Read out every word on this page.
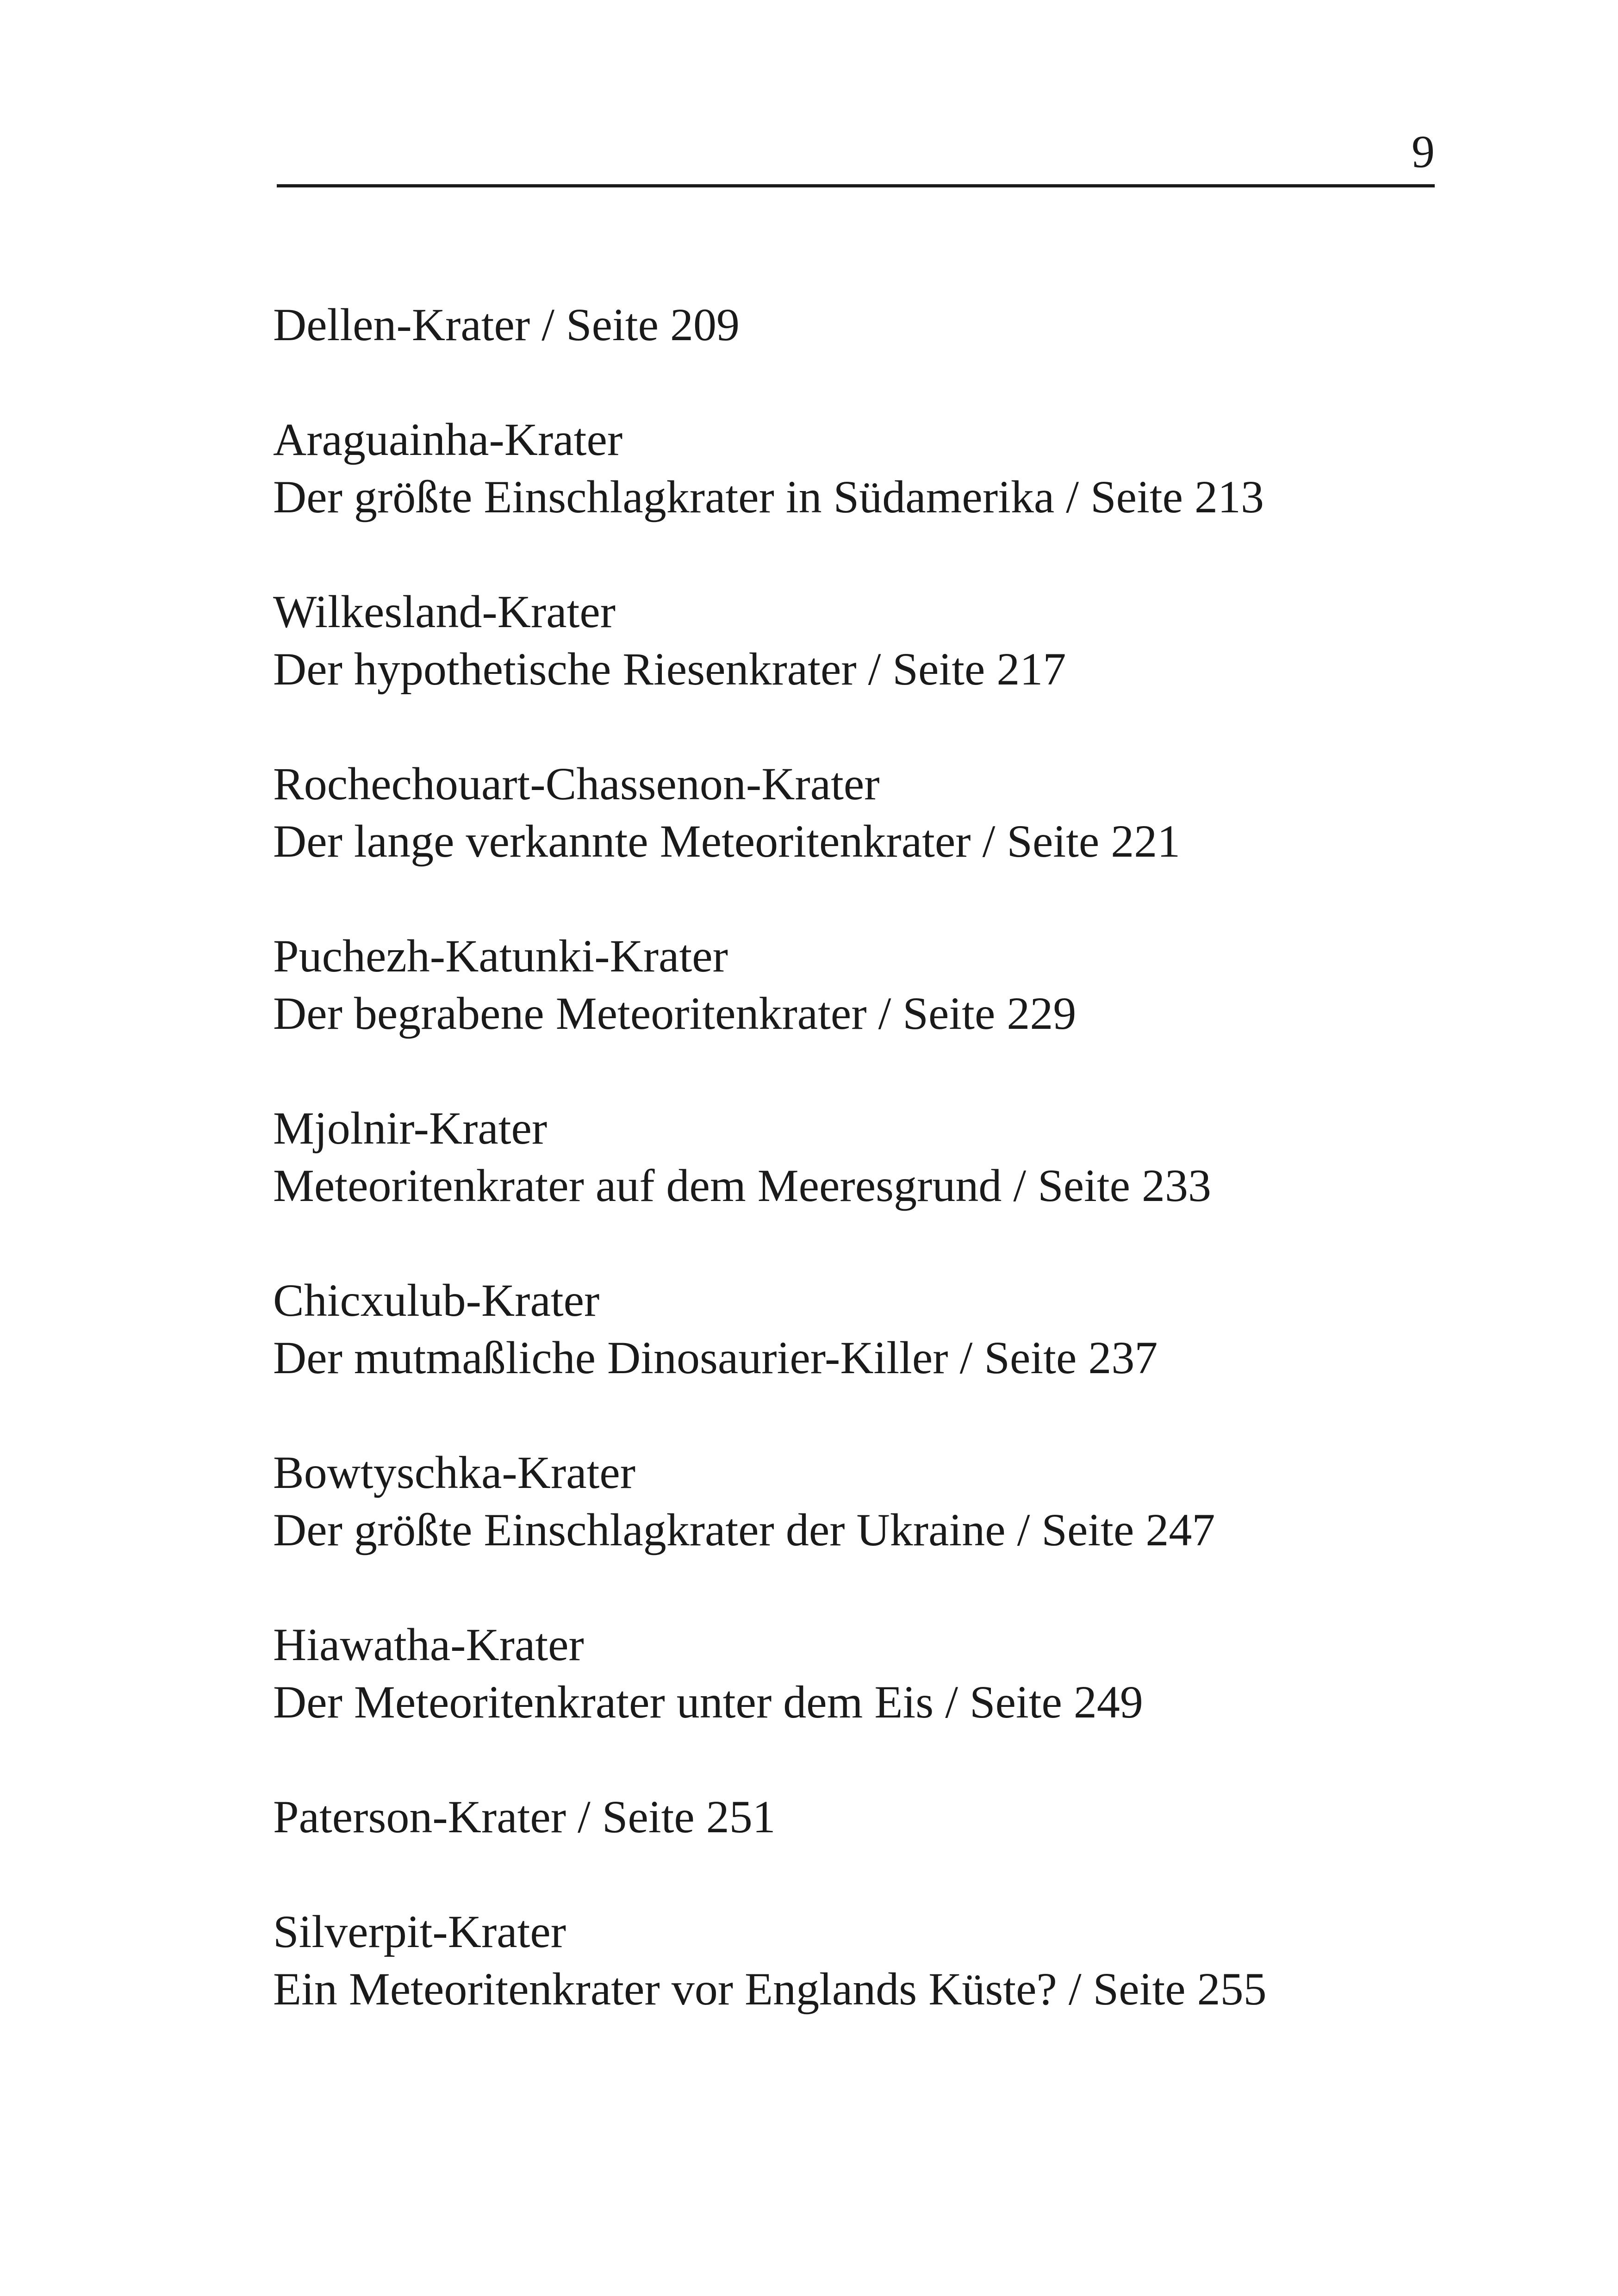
9
Dellen-Krater / Seite 209
Araguainha-Krater
Der größte Einschlagkrater in Südamerika / Seite 213
Wilkesland-Krater
Der hypothetische Riesenkrater / Seite 217
Rochechouart-Chassenon-Krater
Der lange verkannte Meteoritenkrater / Seite 221
Puchezh-Katunki-Krater
Der begrabene Meteoritenkrater / Seite 229
Mjolnir-Krater
Meteoritenkrater auf dem Meeresgrund / Seite 233
Chicxulub-Krater
Der mutmaßliche Dinosaurier-Killer / Seite 237
Bowtyschka-Krater
Der größte Einschlagkrater der Ukraine / Seite 247
Hiawatha-Krater
Der Meteoritenkrater unter dem Eis / Seite 249
Paterson-Krater / Seite 251
Silverpit-Krater
Ein Meteoritenkrater vor Englands Küste? / Seite 255
